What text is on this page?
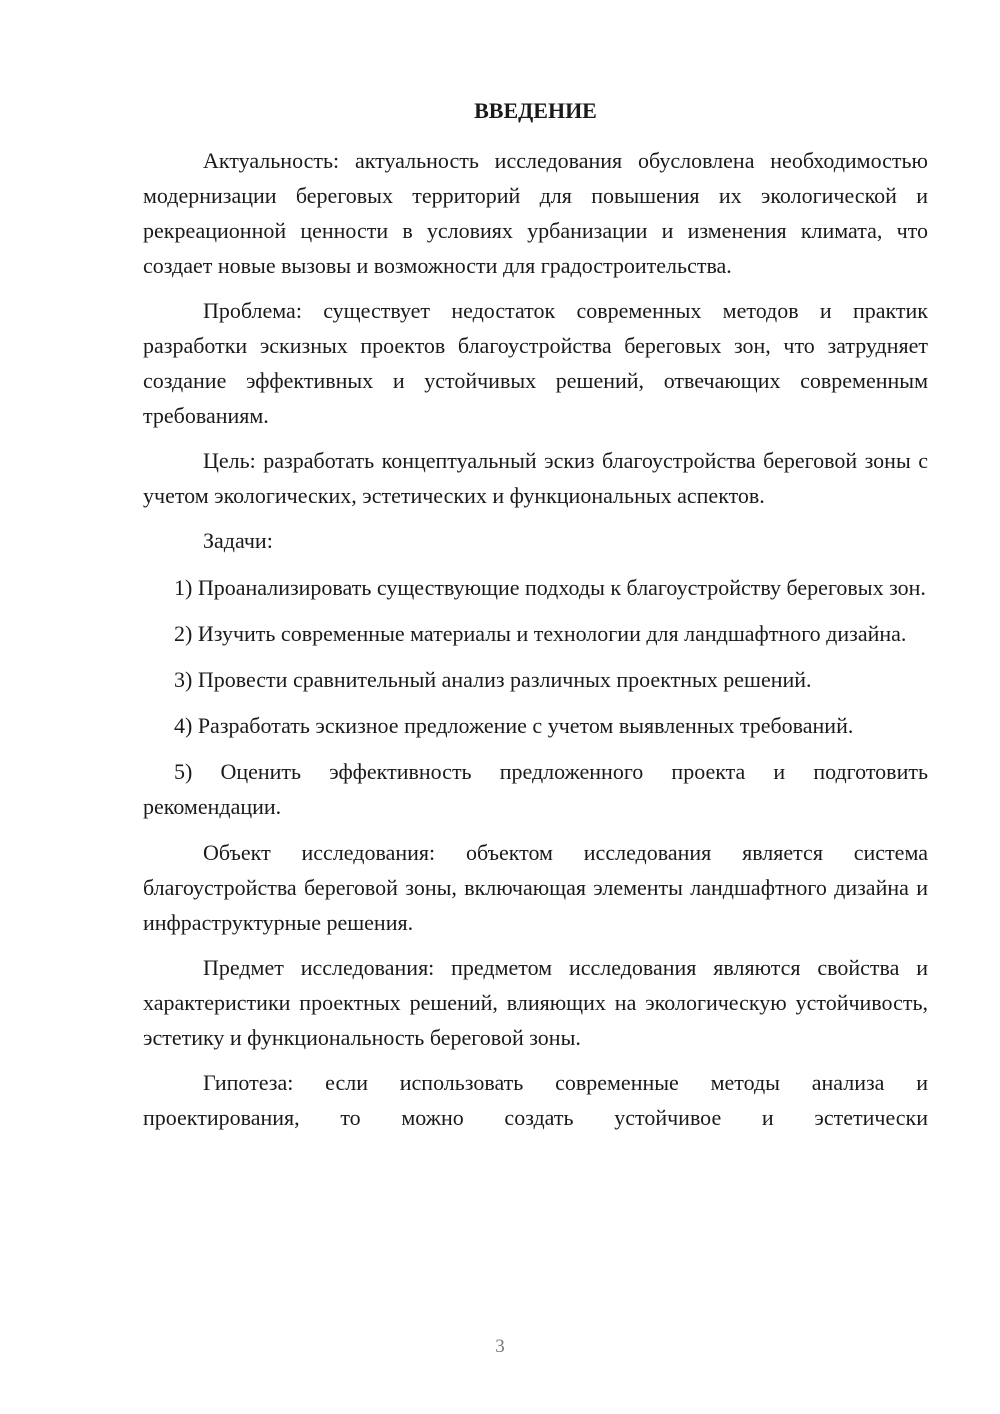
ВВЕДЕНИЕ

Актуальность: актуальность исследования обусловлена необходимостью модернизации береговых территорий для повышения их экологической и рекреационной ценности в условиях урбанизации и изменения климата, что создает новые вызовы и возможности для градостроительства.

Проблема: существует недостаток современных методов и практик разработки эскизных проектов благоустройства береговых зон, что затрудняет создание эффективных и устойчивых решений, отвечающих современным требованиям.

Цель: разработать концептуальный эскиз благоустройства береговой зоны с учетом экологических, эстетических и функциональных аспектов.

Задачи:

1) Проанализировать существующие подходы к благоустройству береговых зон.

2) Изучить современные материалы и технологии для ландшафтного дизайна.

3) Провести сравнительный анализ различных проектных решений.

4) Разработать эскизное предложение с учетом выявленных требований.

5) Оценить эффективность предложенного проекта и подготовить рекомендации.

Объект исследования: объектом исследования является система благоустройства береговой зоны, включающая элементы ландшафтного дизайна и инфраструктурные решения.

Предмет исследования: предметом исследования являются свойства и характеристики проектных решений, влияющих на экологическую устойчивость, эстетику и функциональность береговой зоны.

Гипотеза: если использовать современные методы анализа и проектирования, то можно создать устойчивое и эстетически

3
